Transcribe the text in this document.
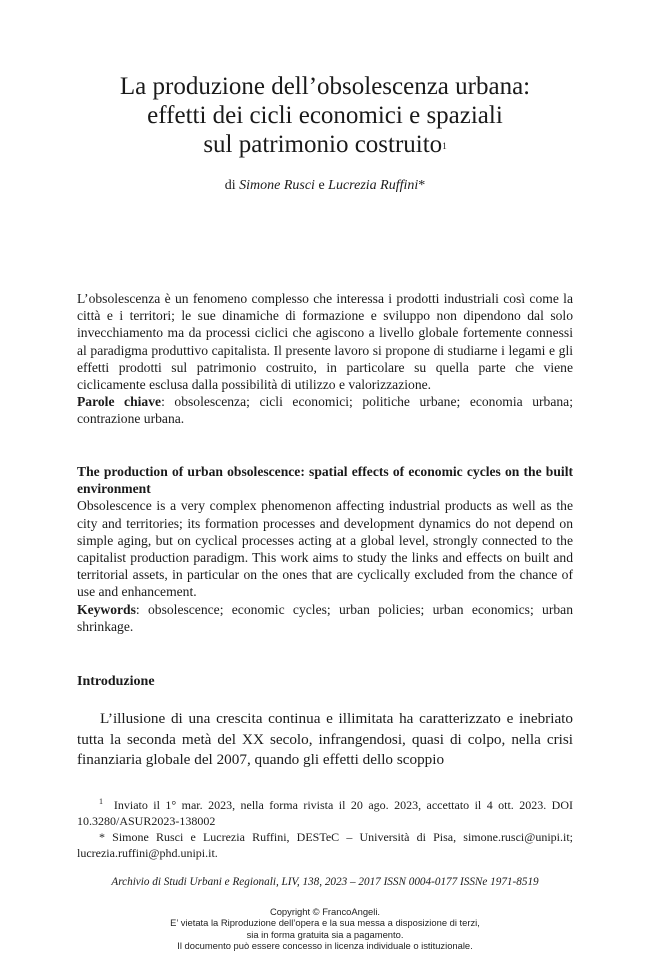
La produzione dell’obsolescenza urbana:
effetti dei cicli economici e spaziali
sul patrimonio costruito$^1$
di Simone Rusci e Lucrezia Ruffini*
L’obsolescenza è un fenomeno complesso che interessa i prodotti industriali così come la città e i territori; le sue dinamiche di formazione e sviluppo non dipendono dal solo invecchiamento ma da processi ciclici che agiscono a livello globale fortemente connessi al paradigma produttivo capitalista. Il presente lavoro si propone di studiarne i legami e gli effetti prodotti sul patrimonio costruito, in particolare su quella parte che viene ciclicamente esclusa dalla possibilità di utilizzo e valorizzazione.
Parole chiave: obsolescenza; cicli economici; politiche urbane; economia urbana; contrazione urbana.
The production of urban obsolescence: spatial effects of economic cycles on the built environment
Obsolescence is a very complex phenomenon affecting industrial products as well as the city and territories; its formation processes and development dynamics do not depend on simple aging, but on cyclical processes acting at a global level, strongly connected to the capitalist production paradigm. This work aims to study the links and effects on built and territorial assets, in particular on the ones that are cyclically excluded from the chance of use and enhancement.
Keywords: obsolescence; economic cycles; urban policies; urban economics; urban shrinkage.
Introduzione

L’illusione di una crescita continua e illimitata ha caratterizzato e inebriato tutta la seconda metà del XX secolo, infrangendosi, quasi di colpo, nella crisi finanziaria globale del 2007, quando gli effetti dello scoppio

$^1$ Inviato il 1° mar. 2023, nella forma rivista il 20 ago. 2023, accettato il 4 ott. 2023. DOI 10.3280/ASUR2023-138002
* Simone Rusci e Lucrezia Ruffini, DESTeC – Università di Pisa, simone.rusci@unipi.it; lucrezia.ruffini@phd.unipi.it.
Archivio di Studi Urbani e Regionali, LIV, 138, 2023 – 2017 ISSN 0004-0177 ISSNe 1971-8519
Copyright © FrancoAngeli.
E’ vietata la Riproduzione dell’opera e la sua messa a disposizione di terzi,
sia in forma gratuita sia a pagamento.
Il documento può essere concesso in licenza individuale o istituzionale.
